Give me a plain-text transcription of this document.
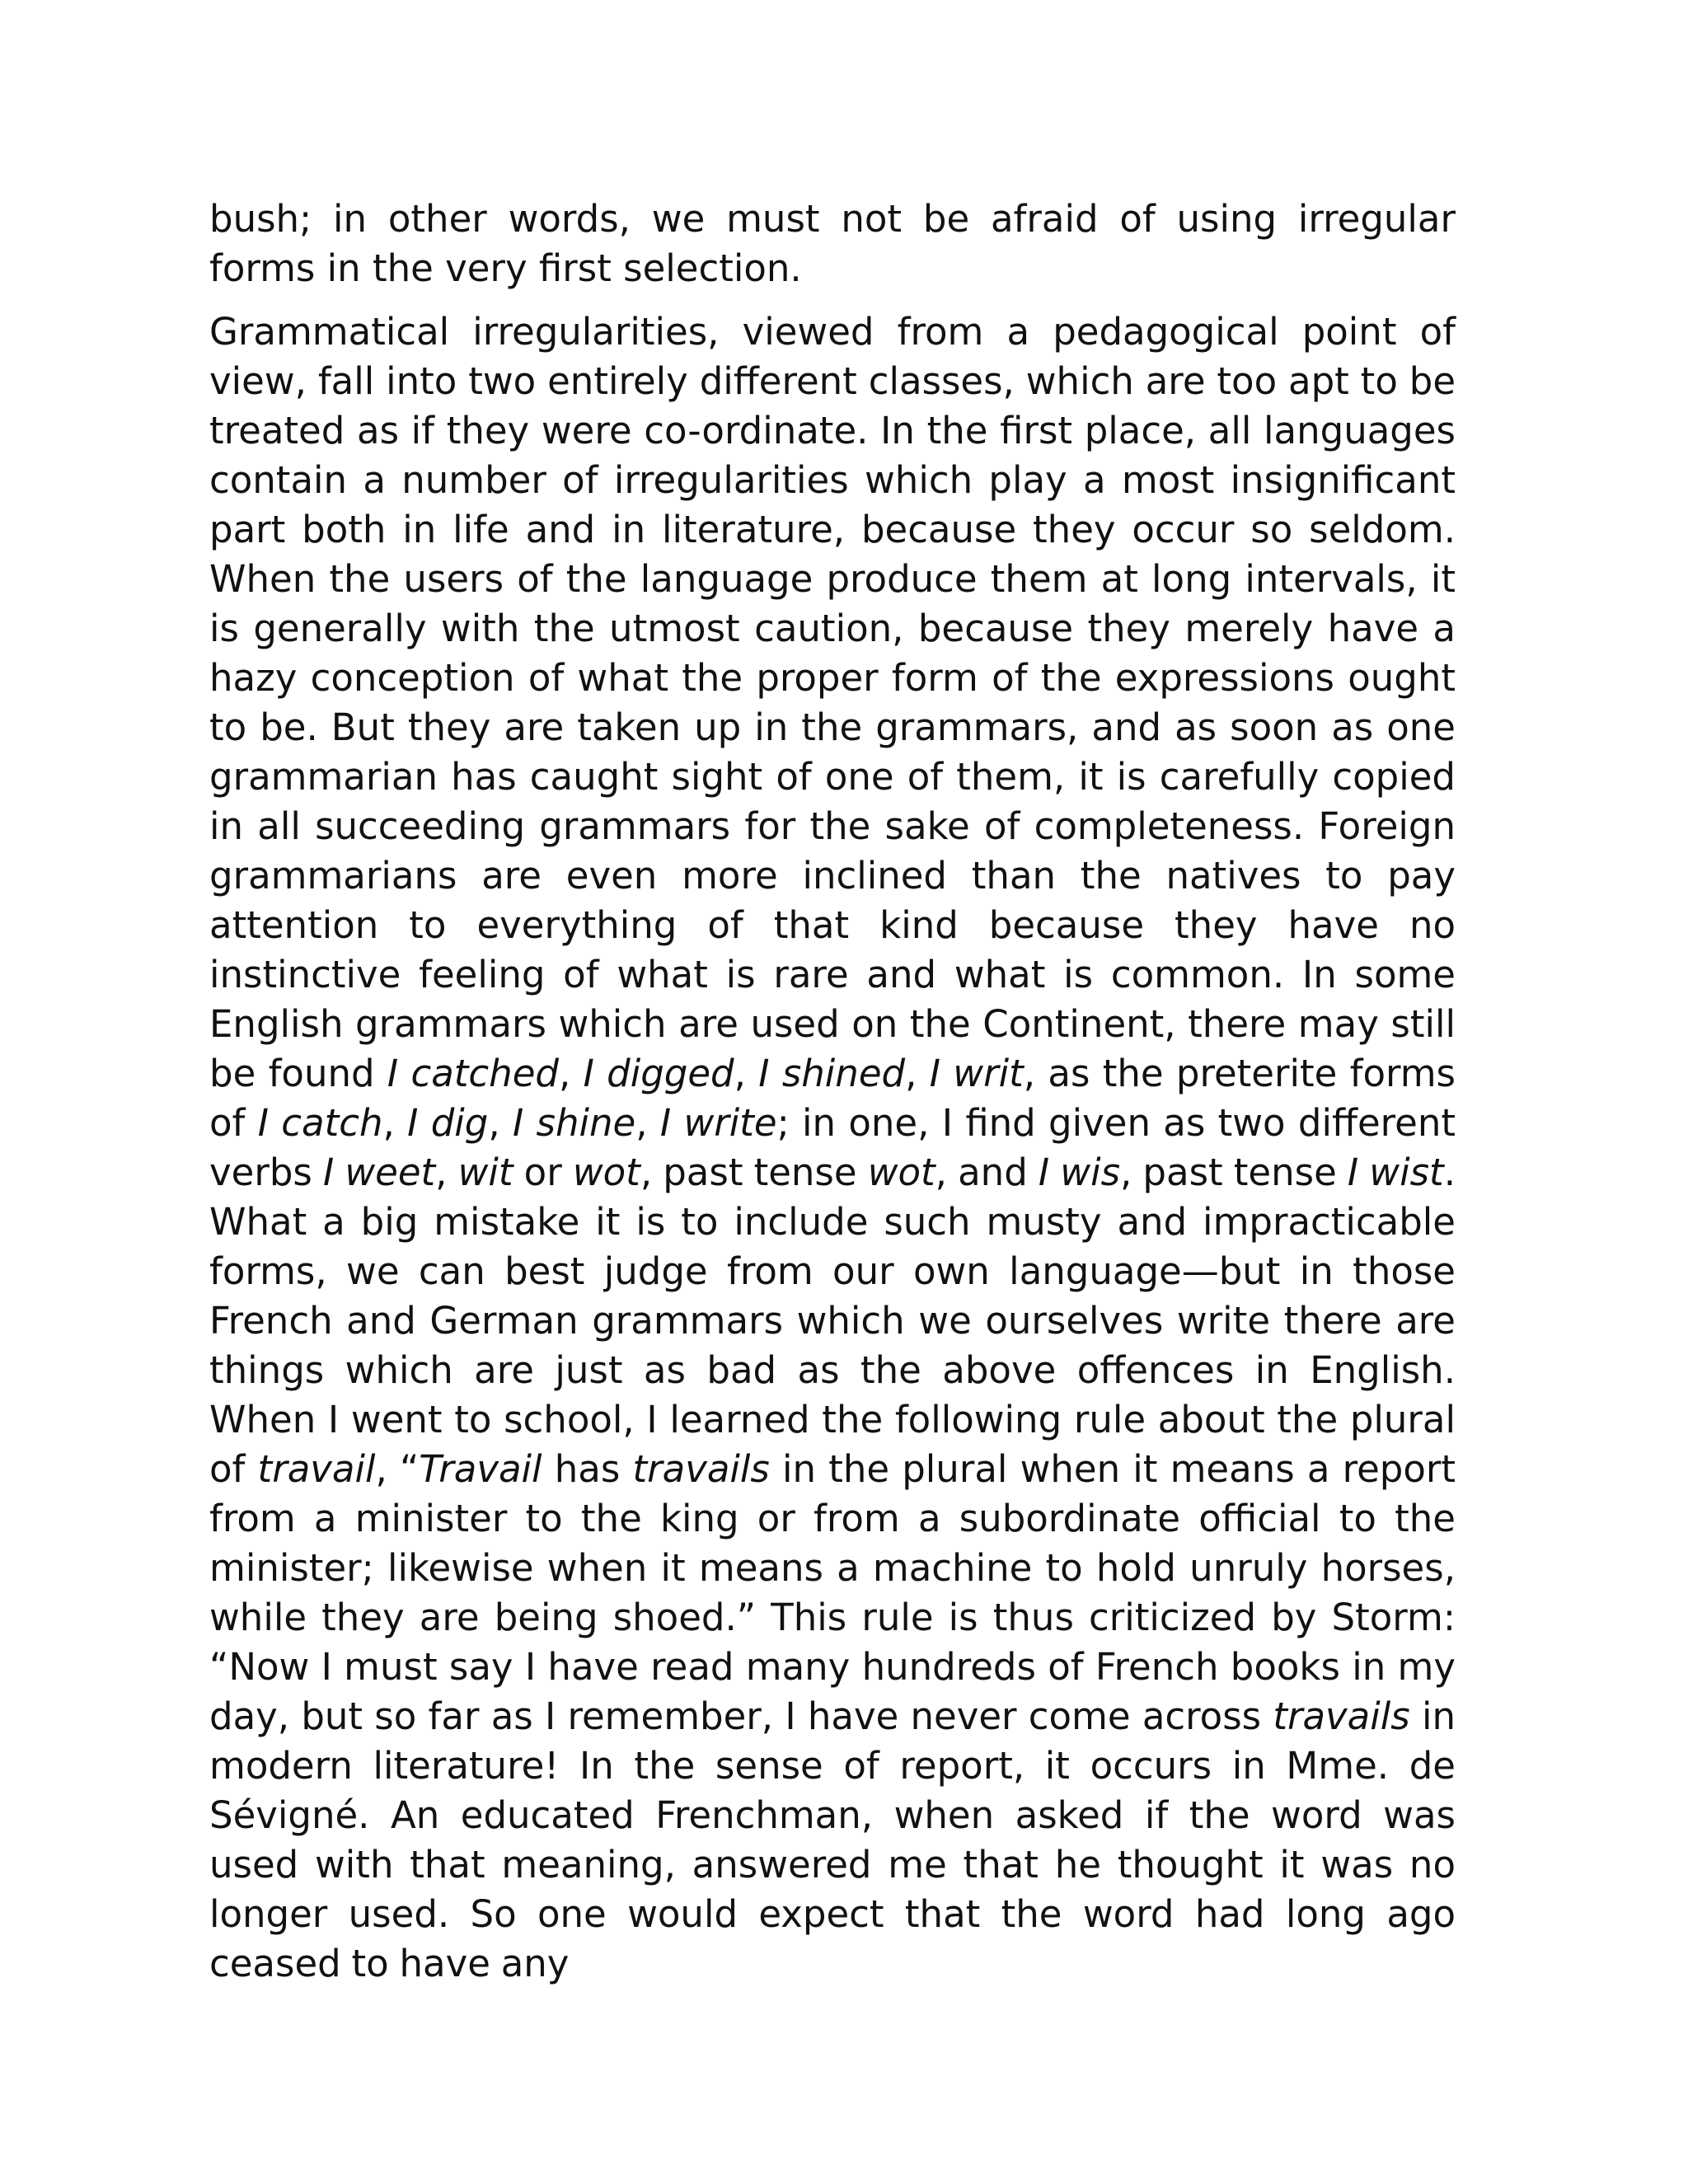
bush; in other words, we must not be afraid of using irregular forms in the very first selection.

Grammatical irregularities, viewed from a pedagogical point of view, fall into two entirely different classes, which are too apt to be treated as if they were co-ordinate. In the first place, all languages contain a number of irregularities which play a most insignificant part both in life and in literature, because they occur so seldom. When the users of the language produce them at long intervals, it is generally with the utmost caution, because they merely have a hazy conception of what the proper form of the expressions ought to be. But they are taken up in the grammars, and as soon as one grammarian has caught sight of one of them, it is carefully copied in all succeeding grammars for the sake of completeness. Foreign grammarians are even more inclined than the natives to pay attention to everything of that kind because they have no instinctive feeling of what is rare and what is common. In some English grammars which are used on the Continent, there may still be found I catched, I digged, I shined, I writ, as the preterite forms of I catch, I dig, I shine, I write; in one, I find given as two different verbs I weet, wit or wot, past tense wot, and I wis, past tense I wist. What a big mistake it is to include such musty and impracticable forms, we can best judge from our own language—but in those French and German grammars which we ourselves write there are things which are just as bad as the above offences in English. When I went to school, I learned the following rule about the plural of travail, “Travail has travails in the plural when it means a report from a minister to the king or from a subordinate official to the minister; likewise when it means a machine to hold unruly horses, while they are being shoed.” This rule is thus criticized by Storm: “Now I must say I have read many hundreds of French books in my day, but so far as I remember, I have never come across travails in modern literature! In the sense of report, it occurs in Mme. de Sévigné. An educated Frenchman, when asked if the word was used with that meaning, answered me that he thought it was no longer used. So one would expect that the word had long ago ceased to have any
